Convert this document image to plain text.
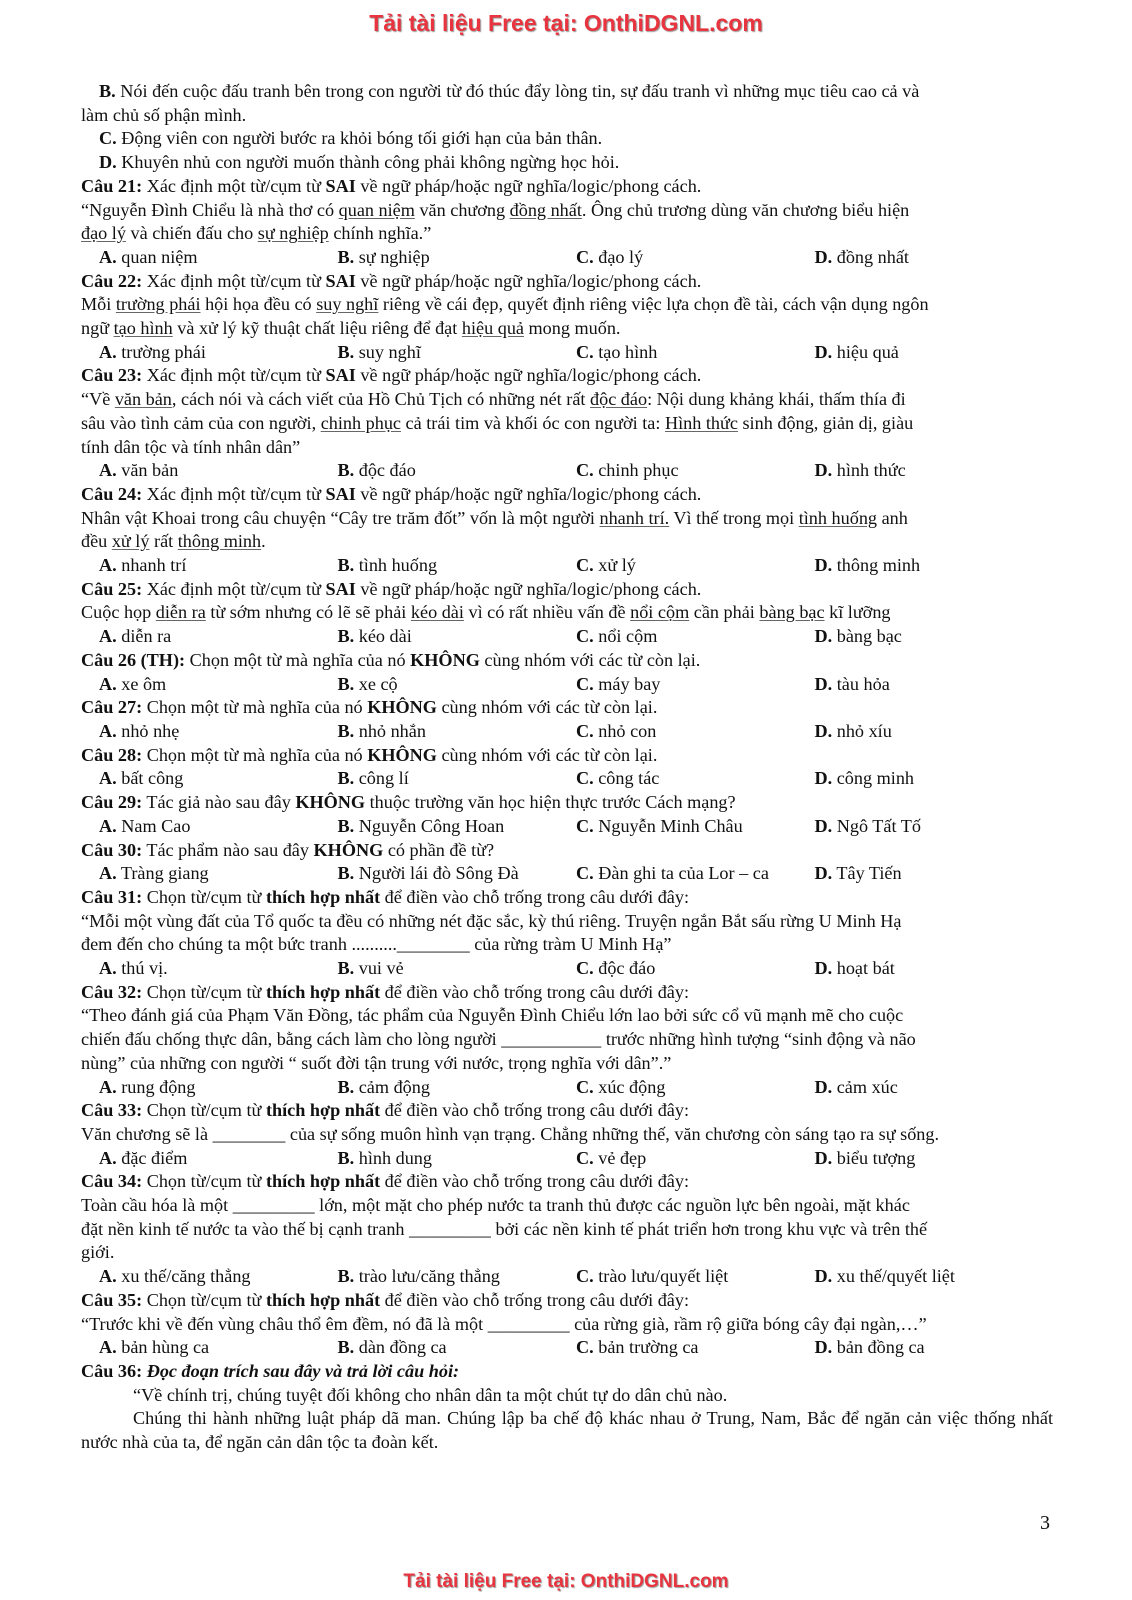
Tải tài liệu Free tại: OnthiDGNL.com
B. Nói đến cuộc đấu tranh bên trong con người từ đó thúc đẩy lòng tin, sự đấu tranh vì những mục tiêu cao cả và
làm chủ số phận mình.
C. Động viên con người bước ra khỏi bóng tối giới hạn của bản thân.
D. Khuyên nhủ con người muốn thành công phải không ngừng học hỏi.
Câu 21: Xác định một từ/cụm từ SAI về ngữ pháp/hoặc ngữ nghĩa/logic/phong cách.
“Nguyễn Đình Chiểu là nhà thơ có quan niệm văn chương đồng nhất. Ông chủ trương dùng văn chương biểu hiện
đạo lý và chiến đấu cho sự nghiệp chính nghĩa.”
A. quan niệm	B. sự nghiệp	C. đạo lý	D. đồng nhất
Câu 22: Xác định một từ/cụm từ SAI về ngữ pháp/hoặc ngữ nghĩa/logic/phong cách.
Mỗi trường phái hội họa đều có suy nghĩ riêng về cái đẹp, quyết định riêng việc lựa chọn đề tài, cách vận dụng ngôn
ngữ tạo hình và xử lý kỹ thuật chất liệu riêng để đạt hiệu quả mong muốn.
A. trường phái	B. suy nghĩ	C. tạo hình	D. hiệu quả
Câu 23: Xác định một từ/cụm từ SAI về ngữ pháp/hoặc ngữ nghĩa/logic/phong cách.
“Về văn bản, cách nói và cách viết của Hồ Chủ Tịch có những nét rất độc đáo: Nội dung khảng khái, thấm thía đi
sâu vào tình cảm của con người, chinh phục cả trái tim và khối óc con người ta: Hình thức sinh động, giản dị, giàu
tính dân tộc và tính nhân dân”
A. văn bản	B. độc đáo	C. chinh phục	D. hình thức
Câu 24: Xác định một từ/cụm từ SAI về ngữ pháp/hoặc ngữ nghĩa/logic/phong cách.
Nhân vật Khoai trong câu chuyện “Cây tre trăm đốt” vốn là một người nhanh trí. Vì thế trong mọi tình huống anh
đều xử lý rất thông minh.
A. nhanh trí	B. tình huống	C. xử lý	D. thông minh
Câu 25: Xác định một từ/cụm từ SAI về ngữ pháp/hoặc ngữ nghĩa/logic/phong cách.
Cuộc họp diễn ra từ sớm nhưng có lẽ sẽ phải kéo dài vì có rất nhiều vấn đề nổi cộm cần phải bàng bạc kĩ lưỡng
A. diễn ra	B. kéo dài	C. nổi cộm	D. bàng bạc
Câu 26 (TH): Chọn một từ mà nghĩa của nó KHÔNG cùng nhóm với các từ còn lại.
A. xe ôm	B. xe cộ	C. máy bay	D. tàu hỏa
Câu 27: Chọn một từ mà nghĩa của nó KHÔNG cùng nhóm với các từ còn lại.
A. nhỏ nhẹ	B. nhỏ nhắn	C. nhỏ con	D. nhỏ xíu
Câu 28: Chọn một từ mà nghĩa của nó KHÔNG cùng nhóm với các từ còn lại.
A. bất công	B. công lí	C. công tác	D. công minh
Câu 29: Tác giả nào sau đây KHÔNG thuộc trường văn học hiện thực trước Cách mạng?
A. Nam Cao	B. Nguyễn Công Hoan	C. Nguyễn Minh Châu	D. Ngô Tất Tố
Câu 30: Tác phẩm nào sau đây KHÔNG có phần đề từ?
A. Tràng giang	B. Người lái đò Sông Đà	C. Đàn ghi ta của Lor – ca	D. Tây Tiến
Câu 31: Chọn từ/cụm từ thích hợp nhất để điền vào chỗ trống trong câu dưới đây:
“Mỗi một vùng đất của Tổ quốc ta đều có những nét đặc sắc, kỳ thú riêng. Truyện ngắn Bắt sấu rừng U Minh Hạ
đem đến cho chúng ta một bức tranh ..........________ của rừng tràm U Minh Hạ”
A. thú vị.	B. vui vẻ	C. độc đáo	D. hoạt bát
Câu 32: Chọn từ/cụm từ thích hợp nhất để điền vào chỗ trống trong câu dưới đây:
“Theo đánh giá của Phạm Văn Đồng, tác phẩm của Nguyễn Đình Chiểu lớn lao bởi sức cổ vũ mạnh mẽ cho cuộc
chiến đấu chống thực dân, bằng cách làm cho lòng người ___________ trước những hình tượng “sinh động và não
nùng” của những con người “ suốt đời tận trung với nước, trọng nghĩa với dân”.”
A. rung động	B. cảm động	C. xúc động	D. cảm xúc
Câu 33: Chọn từ/cụm từ thích hợp nhất để điền vào chỗ trống trong câu dưới đây:
Văn chương sẽ là ________ của sự sống muôn hình vạn trạng. Chẳng những thế, văn chương còn sáng tạo ra sự sống.
A. đặc điểm	B. hình dung	C. vẻ đẹp	D. biểu tượng
Câu 34: Chọn từ/cụm từ thích hợp nhất để điền vào chỗ trống trong câu dưới đây:
Toàn cầu hóa là một _________ lớn, một mặt cho phép nước ta tranh thủ được các nguồn lực bên ngoài, mặt khác
đặt nền kinh tế nước ta vào thế bị cạnh tranh _________ bởi các nền kinh tế phát triển hơn trong khu vực và trên thế
giới.
A. xu thế/căng thẳng	B. trào lưu/căng thẳng	C. trào lưu/quyết liệt	D. xu thế/quyết liệt
Câu 35: Chọn từ/cụm từ thích hợp nhất để điền vào chỗ trống trong câu dưới đây:
“Trước khi về đến vùng châu thổ êm đềm, nó đã là một _________ của rừng già, rầm rộ giữa bóng cây đại ngàn,…”
A. bản hùng ca	B. dàn đồng ca	C. bản trường ca	D. bản đồng ca
Câu 36: Đọc đoạn trích sau đây và trả lời câu hỏi:
“Về chính trị, chúng tuyệt đối không cho nhân dân ta một chút tự do dân chủ nào.
Chúng thi hành những luật pháp dã man. Chúng lập ba chế độ khác nhau ở Trung, Nam, Bắc để ngăn cản việc thống nhất nước nhà của ta, để ngăn cản dân tộc ta đoàn kết.
3
Tải tài liệu Free tại: OnthiDGNL.com
